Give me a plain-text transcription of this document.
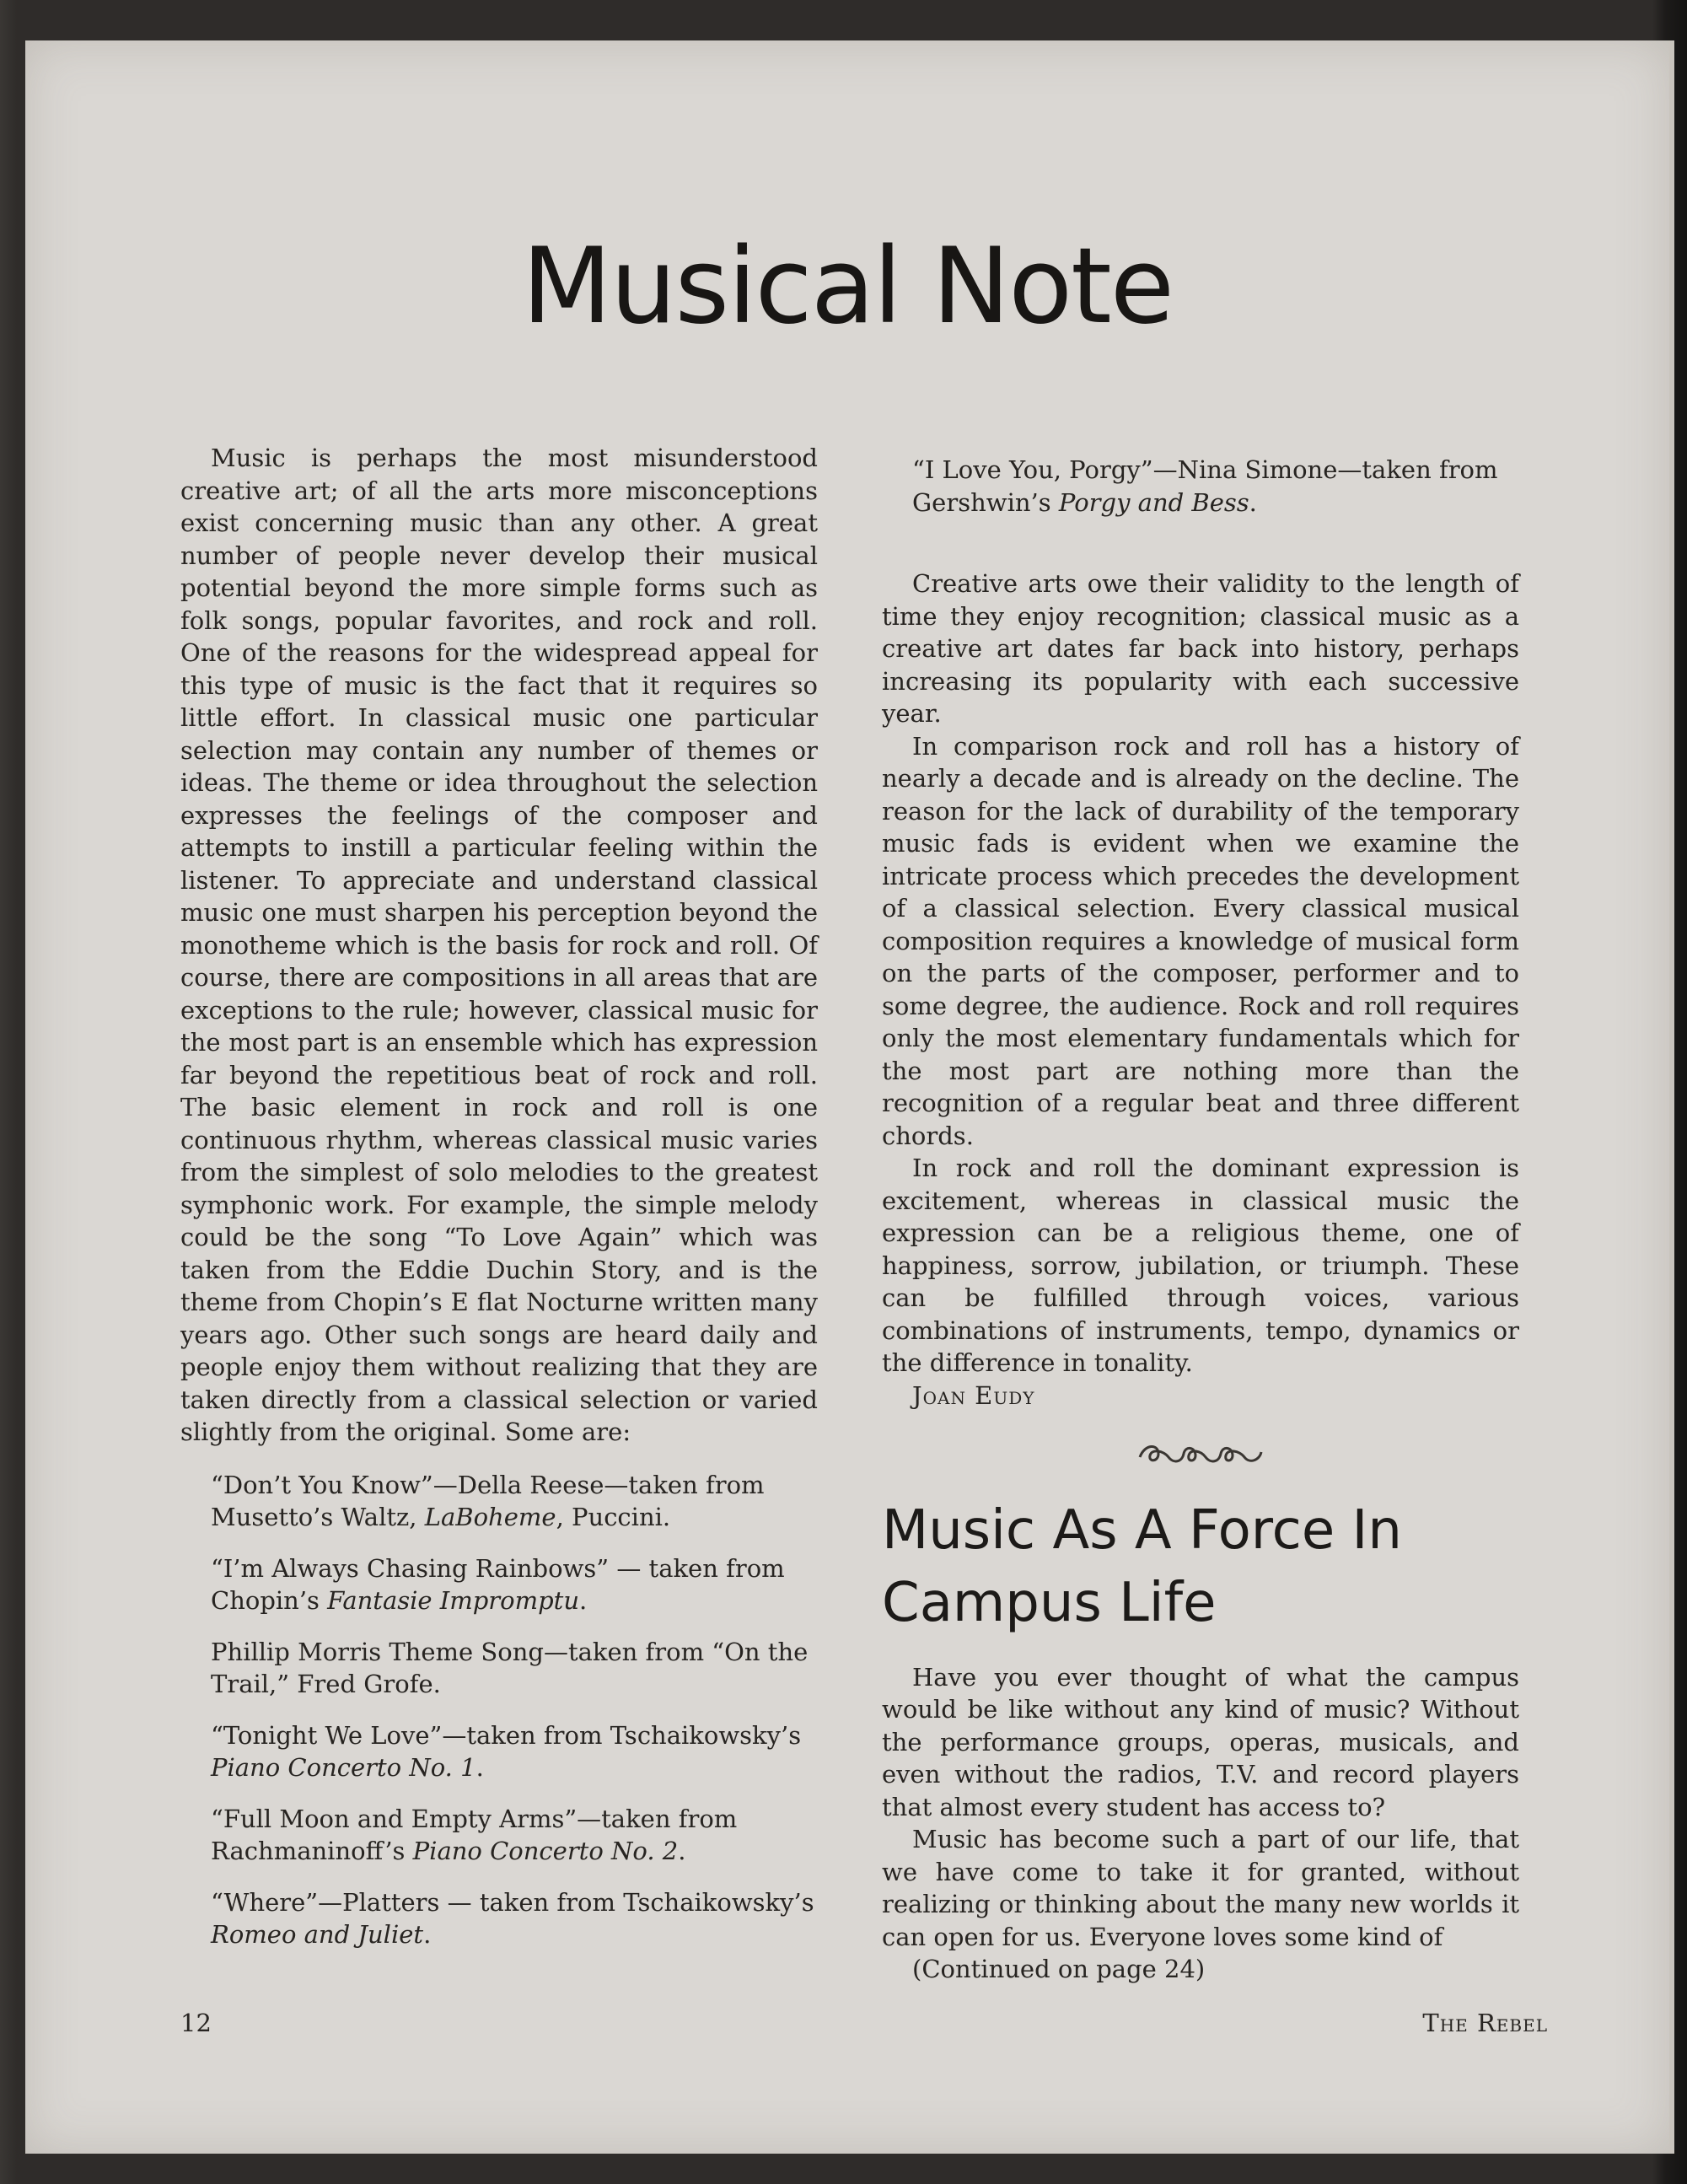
Musical Note

Music is perhaps the most misunderstood creative art; of all the arts more misconceptions exist concerning music than any other. A great number of people never develop their musical potential beyond the more simple forms such as folk songs, popular favorites, and rock and roll. One of the reasons for the widespread appeal for this type of music is the fact that it requires so little effort. In classical music one particular selection may contain any number of themes or ideas. The theme or idea throughout the selection expresses the feelings of the composer and attempts to instill a particular feeling within the listener. To appreciate and understand classical music one must sharpen his perception beyond the monotheme which is the basis for rock and roll. Of course, there are compositions in all areas that are exceptions to the rule; however, classical music for the most part is an ensemble which has expression far beyond the repetitious beat of rock and roll. The basic element in rock and roll is one continuous rhythm, whereas classical music varies from the simplest of solo melodies to the greatest symphonic work. For example, the simple melody could be the song “To Love Again” which was taken from the Eddie Duchin Story, and is the theme from Chopin’s E flat Nocturne written many years ago. Other such songs are heard daily and people enjoy them without realizing that they are taken directly from a classical selection or varied slightly from the original. Some are:

“Don’t You Know”—Della Reese—taken from Musetto’s Waltz, LaBoheme, Puccini.

“I’m Always Chasing Rainbows” — taken from Chopin’s Fantasie Impromptu.

Phillip Morris Theme Song—taken from “On the Trail,” Fred Grofe.

“Tonight We Love”—taken from Tschaikowsky’s Piano Concerto No. 1.

“Full Moon and Empty Arms”—taken from Rachmaninoff’s Piano Concerto No. 2.

“Where”—Platters — taken from Tschaikowsky’s Romeo and Juliet.

“I Love You, Porgy”—Nina Simone—taken from Gershwin’s Porgy and Bess.

Creative arts owe their validity to the length of time they enjoy recognition; classical music as a creative art dates far back into history, perhaps increasing its popularity with each successive year.

In comparison rock and roll has a history of nearly a decade and is already on the decline. The reason for the lack of durability of the temporary music fads is evident when we examine the intricate process which precedes the development of a classical selection. Every classical musical composition requires a knowledge of musical form on the parts of the composer, performer and to some degree, the audience. Rock and roll requires only the most elementary fundamentals which for the most part are nothing more than the recognition of a regular beat and three different chords.

In rock and roll the dominant expression is excitement, whereas in classical music the expression can be a religious theme, one of happiness, sorrow, jubilation, or triumph. These can be fulfilled through voices, various combinations of instruments, tempo, dynamics or the difference in tonality.

Joan Eudy

Music As A Force In Campus Life

Have you ever thought of what the campus would be like without any kind of music? Without the performance groups, operas, musicals, and even without the radios, T.V. and record players that almost every student has access to?

Music has become such a part of our life, that we have come to take it for granted, without realizing or thinking about the many new worlds it can open for us. Everyone loves some kind of

(Continued on page 24)

12	The Rebel
